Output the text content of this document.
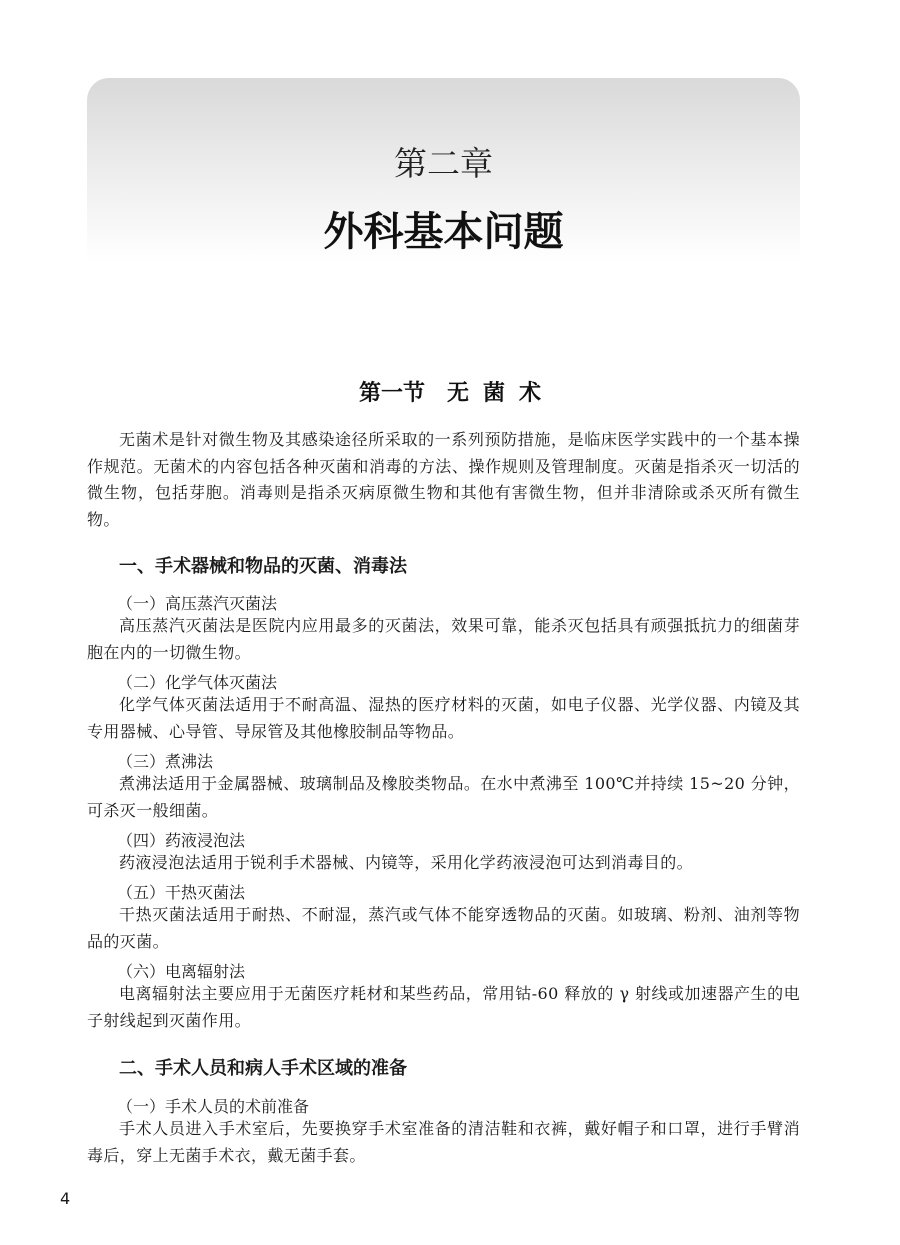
第二章
外科基本问题
第一节 无 菌 术
无菌术是针对微生物及其感染途径所采取的一系列预防措施，是临床医学实践中的一个基本操作规范。无菌术的内容包括各种灭菌和消毒的方法、操作规则及管理制度。灭菌是指杀灭一切活的微生物，包括芽胞。消毒则是指杀灭病原微生物和其他有害微生物，但并非清除或杀灭所有微生物。
一、手术器械和物品的灭菌、消毒法
（一）高压蒸汽灭菌法
高压蒸汽灭菌法是医院内应用最多的灭菌法，效果可靠，能杀灭包括具有顽强抵抗力的细菌芽胞在内的一切微生物。
（二）化学气体灭菌法
化学气体灭菌法适用于不耐高温、湿热的医疗材料的灭菌，如电子仪器、光学仪器、内镜及其专用器械、心导管、导尿管及其他橡胶制品等物品。
（三）煮沸法
煮沸法适用于金属器械、玻璃制品及橡胶类物品。在水中煮沸至 100℃并持续 15~20 分钟，可杀灭一般细菌。
（四）药液浸泡法
药液浸泡法适用于锐利手术器械、内镜等，采用化学药液浸泡可达到消毒目的。
（五）干热灭菌法
干热灭菌法适用于耐热、不耐湿，蒸汽或气体不能穿透物品的灭菌。如玻璃、粉剂、油剂等物品的灭菌。
（六）电离辐射法
电离辐射法主要应用于无菌医疗耗材和某些药品，常用钴-60 释放的 γ 射线或加速器产生的电子射线起到灭菌作用。
二、手术人员和病人手术区域的准备
（一）手术人员的术前准备
手术人员进入手术室后，先要换穿手术室准备的清洁鞋和衣裤，戴好帽子和口罩，进行手臂消毒后，穿上无菌手术衣，戴无菌手套。
4
